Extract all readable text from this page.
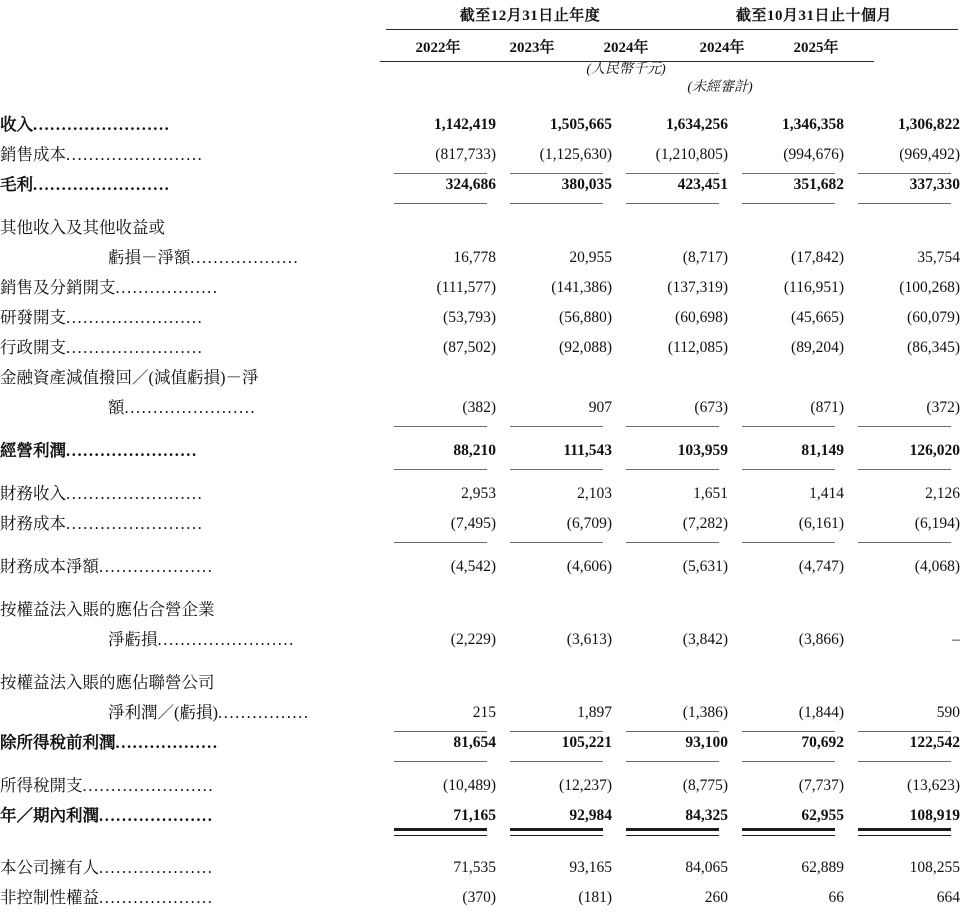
截至12月31日止年度	截至10月31日止十個月
2022年	2023年	2024年	2024年	2025年
(人民幣千元)
(未經審計)
收入........................	1,142,419	1,505,665	1,634,256	1,346,358	1,306,822
銷售成本........................	(817,733)	(1,125,630)	(1,210,805)	(994,676)	(969,492)
毛利........................	324,686	380,035	423,451	351,682	337,330
其他收入及其他收益或					
虧損－淨額...................	16,778	20,955	(8,717)	(17,842)	35,754
銷售及分銷開支..................	(111,577)	(141,386)	(137,319)	(116,951)	(100,268)
研發開支........................	(53,793)	(56,880)	(60,698)	(45,665)	(60,079)
行政開支........................	(87,502)	(92,088)	(112,085)	(89,204)	(86,345)
金融資產減值撥回／(減值虧損)－淨					
額.......................	(382)	907	(673)	(871)	(372)
經營利潤.......................	88,210	111,543	103,959	81,149	126,020
財務收入........................	2,953	2,103	1,651	1,414	2,126
財務成本........................	(7,495)	(6,709)	(7,282)	(6,161)	(6,194)
財務成本淨額....................	(4,542)	(4,606)	(5,631)	(4,747)	(4,068)
按權益法入賬的應佔合營企業					
淨虧損........................	(2,229)	(3,613)	(3,842)	(3,866)	–
按權益法入賬的應佔聯營公司					
淨利潤／(虧損)................	215	1,897	(1,386)	(1,844)	590
除所得稅前利潤..................	81,654	105,221	93,100	70,692	122,542
所得稅開支.......................	(10,489)	(12,237)	(8,775)	(7,737)	(13,623)
年／期內利潤....................	71,165	92,984	84,325	62,955	108,919
本公司擁有人....................	71,535	93,165	84,065	62,889	108,255
非控制性權益....................	(370)	(181)	260	66	664
